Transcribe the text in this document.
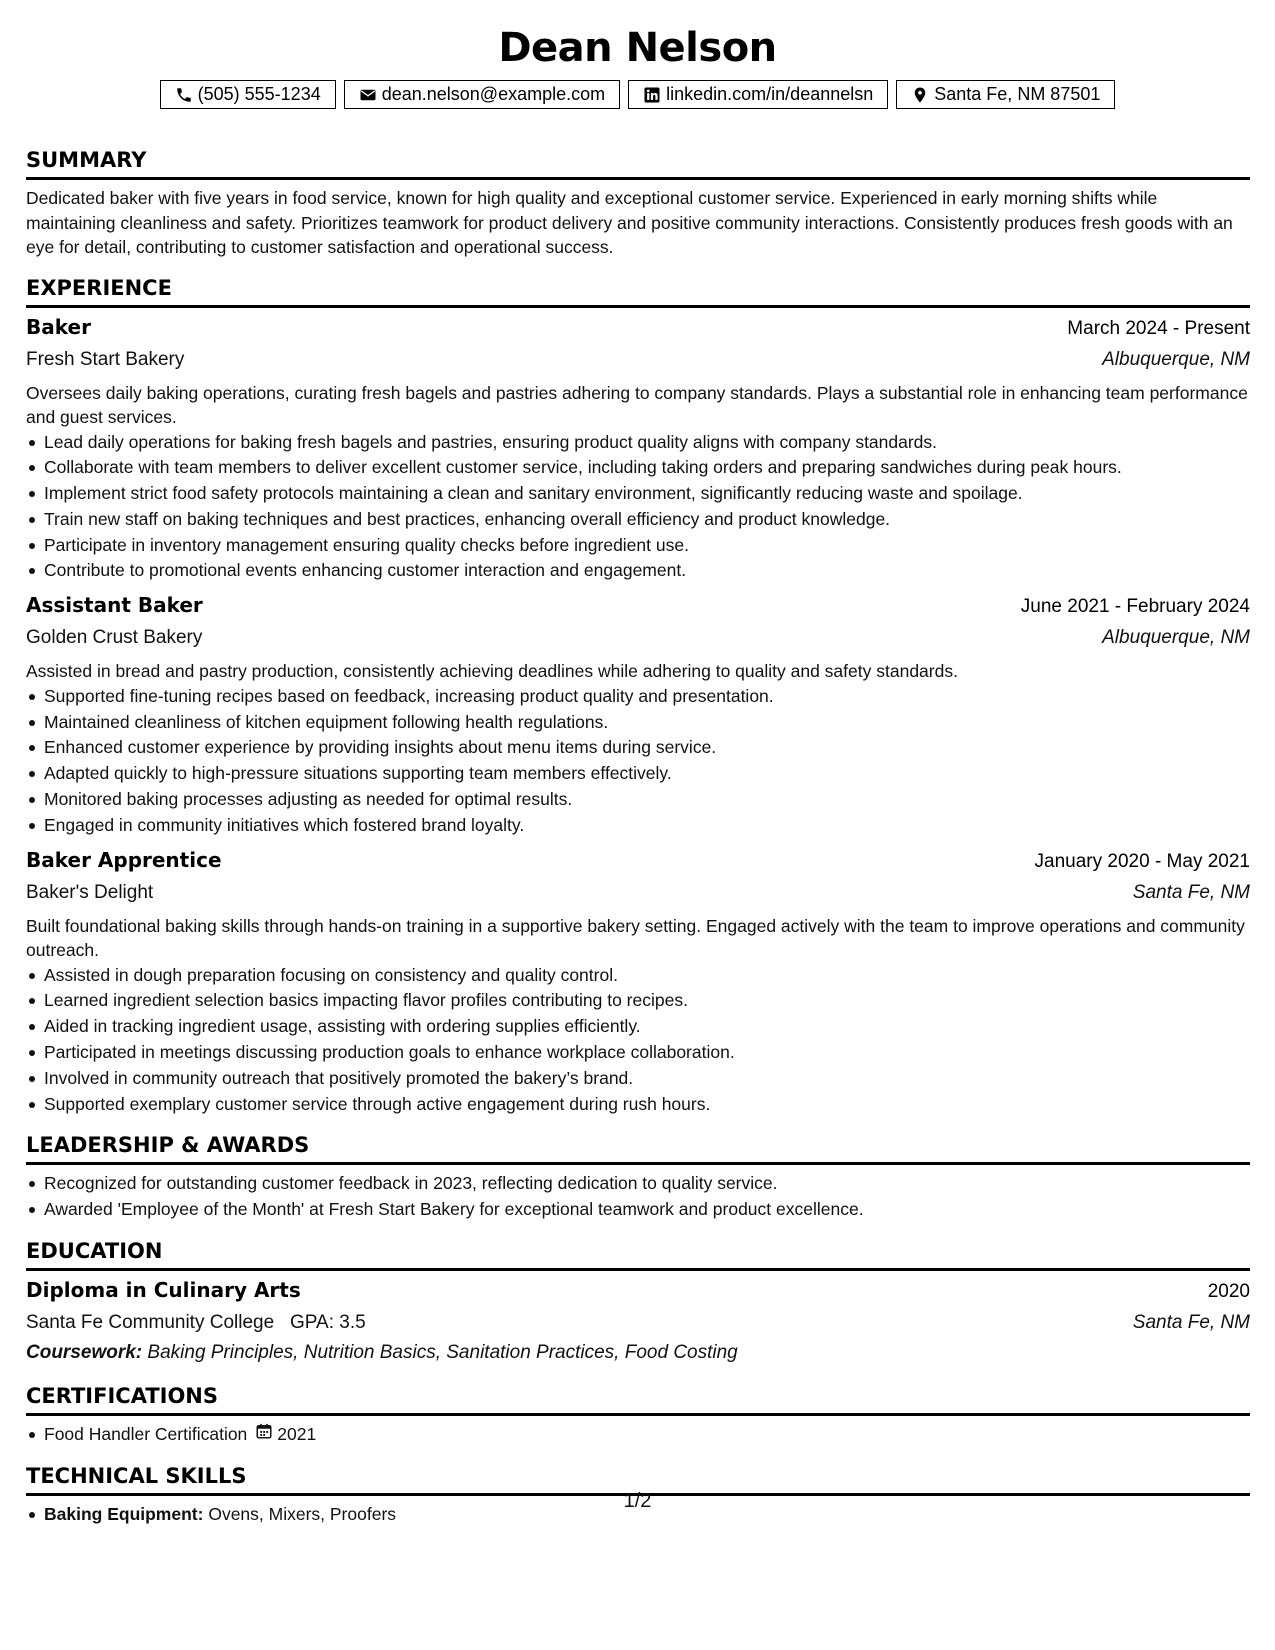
Dean Nelson
(505) 555-1234	dean.nelson@example.com	linkedin.com/in/deannelsn	Santa Fe, NM 87501
SUMMARY
Dedicated baker with five years in food service, known for high quality and exceptional customer service. Experienced in early morning shifts while maintaining cleanliness and safety. Prioritizes teamwork for product delivery and positive community interactions. Consistently produces fresh goods with an eye for detail, contributing to customer satisfaction and operational success.
EXPERIENCE
Baker	March 2024 - Present
Fresh Start Bakery	Albuquerque, NM
Oversees daily baking operations, curating fresh bagels and pastries adhering to company standards. Plays a substantial role in enhancing team performance and guest services.
Lead daily operations for baking fresh bagels and pastries, ensuring product quality aligns with company standards.
Collaborate with team members to deliver excellent customer service, including taking orders and preparing sandwiches during peak hours.
Implement strict food safety protocols maintaining a clean and sanitary environment, significantly reducing waste and spoilage.
Train new staff on baking techniques and best practices, enhancing overall efficiency and product knowledge.
Participate in inventory management ensuring quality checks before ingredient use.
Contribute to promotional events enhancing customer interaction and engagement.
Assistant Baker	June 2021 - February 2024
Golden Crust Bakery	Albuquerque, NM
Assisted in bread and pastry production, consistently achieving deadlines while adhering to quality and safety standards.
Supported fine-tuning recipes based on feedback, increasing product quality and presentation.
Maintained cleanliness of kitchen equipment following health regulations.
Enhanced customer experience by providing insights about menu items during service.
Adapted quickly to high-pressure situations supporting team members effectively.
Monitored baking processes adjusting as needed for optimal results.
Engaged in community initiatives which fostered brand loyalty.
Baker Apprentice	January 2020 - May 2021
Baker's Delight	Santa Fe, NM
Built foundational baking skills through hands-on training in a supportive bakery setting. Engaged actively with the team to improve operations and community outreach.
Assisted in dough preparation focusing on consistency and quality control.
Learned ingredient selection basics impacting flavor profiles contributing to recipes.
Aided in tracking ingredient usage, assisting with ordering supplies efficiently.
Participated in meetings discussing production goals to enhance workplace collaboration.
Involved in community outreach that positively promoted the bakery’s brand.
Supported exemplary customer service through active engagement during rush hours.
LEADERSHIP & AWARDS
Recognized for outstanding customer feedback in 2023, reflecting dedication to quality service.
Awarded 'Employee of the Month' at Fresh Start Bakery for exceptional teamwork and product excellence.
EDUCATION
Diploma in Culinary Arts	2020
Santa Fe Community College GPA: 3.5	Santa Fe, NM
Coursework: Baking Principles, Nutrition Basics, Sanitation Practices, Food Costing
CERTIFICATIONS
Food Handler Certification 2021
TECHNICAL SKILLS
Baking Equipment: Ovens, Mixers, Proofers
1/2
